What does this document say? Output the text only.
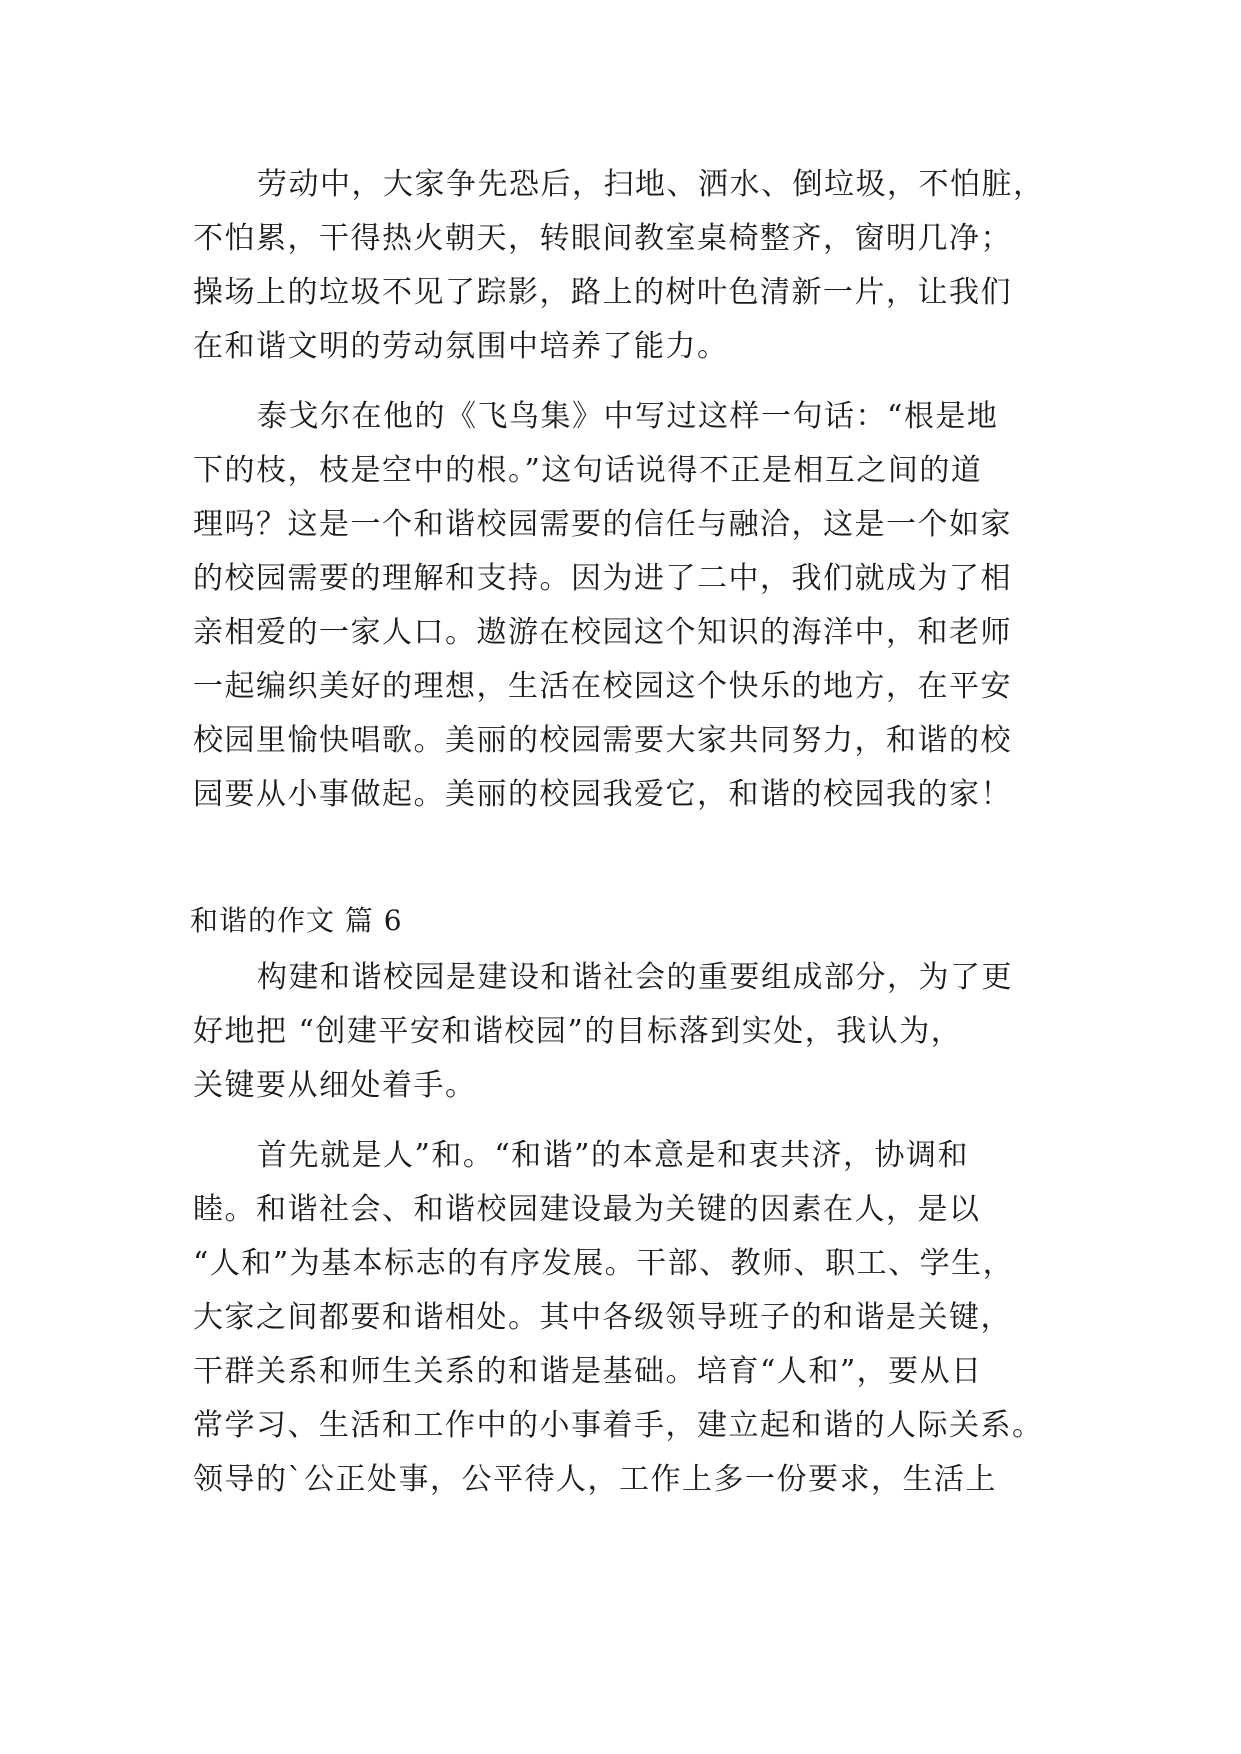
劳动中，大家争先恐后，扫地、洒水、倒垃圾，不怕脏，
不怕累，干得热火朝天，转眼间教室桌椅整齐，窗明几净；
操场上的垃圾不见了踪影，路上的树叶色清新一片，让我们
在和谐文明的劳动氛围中培养了能力。
泰戈尔在他的《飞鸟集》中写过这样一句话：“根是地
下的枝，枝是空中的根。”这句话说得不正是相互之间的道
理吗？这是一个和谐校园需要的信任与融洽，这是一个如家
的校园需要的理解和支持。因为进了二中，我们就成为了相
亲相爱的一家人口。遨游在校园这个知识的海洋中，和老师
一起编织美好的理想，生活在校园这个快乐的地方，在平安
校园里愉快唱歌。美丽的校园需要大家共同努力，和谐的校
园要从小事做起。美丽的校园我爱它，和谐的校园我的家！
和谐的作文 篇 6
构建和谐校园是建设和谐社会的重要组成部分，为了更
好地把 “创建平安和谐校园”的目标落到实处，我认为，
关键要从细处着手。
首先就是人”和。“和谐”的本意是和衷共济，协调和
睦。和谐社会、和谐校园建设最为关键的因素在人，是以
“人和”为基本标志的有序发展。干部、教师、职工、学生，
大家之间都要和谐相处。其中各级领导班子的和谐是关键，
干群关系和师生关系的和谐是基础。培育“人和”，要从日
常学习、生活和工作中的小事着手，建立起和谐的人际关系。
领导的`公正处事，公平待人，工作上多一份要求，生活上
